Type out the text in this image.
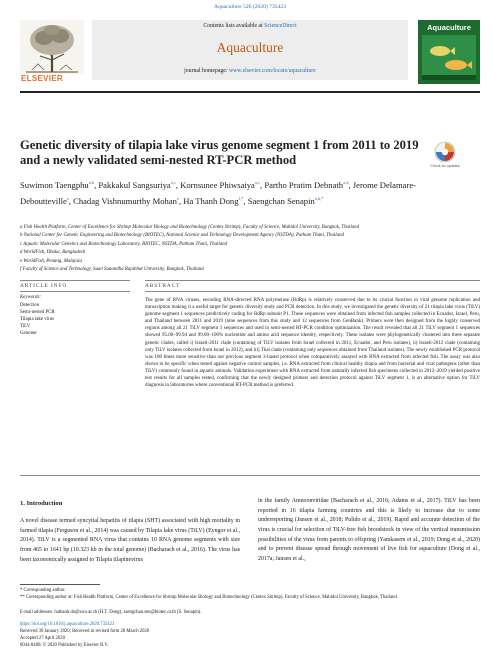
Aquaculture 526 (2020) 735423
ELSEVIER
Contents lists available at ScienceDirect
Aquaculture
journal homepage: www.elsevier.com/locate/aquaculture
Aquaculture
Genetic diversity of tilapia lake virus genome segment 1 from 2011 to 2019 and a newly validated semi-nested RT-PCR method	Check for updates
Suwimon Taengphu$^{a,b}$, Pakkakul Sangsuriya$^{a,c}$, Kornsunee Phiwsaiya$^{a,c}$, Partho Pratim Debnath$^{a,d}$, Jerome Delamare-Deboutteville$^e$, Chadag Vishnumurthy Mohan$^e$, Ha Thanh Dong$^{f,*}$, Saengchan Senapin$^{a,b,*}$
a Fish Health Platform, Center of Excellence for Shrimp Molecular Biology and Biotechnology (Centex Shrimp), Faculty of Science, Mahidol University, Bangkok, Thailand
b National Center for Genetic Engineering and Biotechnology (BIOTEC), National Science and Technology Development Agency (NSTDA), Pathum Thani, Thailand
c Aquatic Molecular Genetics and Biotechnology Laboratory, BIOTEC, NSTDA, Pathum Thani, Thailand
d WorldFish, Dhaka, Bangladesh
e WorldFish, Penang, Malaysia
f Faculty of Science and Technology, Suan Sunandha Rajabhat University, Bangkok, Thailand
ARTICLE INFO
Keywords:
Detection
Semi-nested PCR
Tilapia lake virus
TiLV
Genome
ABSTRACT
The gene of RNA viruses, encoding RNA-directed RNA polymerase (RdRp) is relatively conserved due to its crucial function in viral genome replication and transcription making it a useful target for genetic diversity study and PCR detection. In this study, we investigated the genetic diversity of 21 tilapia lake virus (TiLV) genome segment 1 sequences predictively coding for RdRp subunit P1. These sequences were obtained from infected fish samples collected in Ecuador, Israel, Peru, and Thailand between 2011 and 2019 (nine sequences from this study and 12 sequences from GenBank). Primers were then designed from the highly conserved regions among all 21 TiLV segment 1 sequences and used in semi-nested RT-PCR condition optimization. The result revealed that all 21 TiLV segment 1 sequences showed 95.00–99.94 and 99.00–100% nucleotide and amino acid sequence identity, respectively. These isolates were phylogenetically clustered into three separate genetic clades, called i) Israeli-2011 clade (containing of TiLV isolates from Israel collected in 2011, Ecuador, and Peru isolates), ii) Israeli-2012 clade (containing only TiLV isolates collected from Israel in 2012), and iii) Thai clade (containing only sequences obtained from Thailand isolates). The newly established PCR protocol was 100 times more sensitive than our previous segment 3-based protocol when comparatively assayed with RNA extracted from infected fish. The assay was also shown to be specific when tested against negative control samples, i.e. RNA extracted from clinical healthy tilapia and from bacterial and viral pathogens (other than TiLV) commonly found in aquatic animals. Validation experiment with RNA extracted from naturally infected fish specimens collected in 2013–2019 yielded positive test results for all samples tested, confirming that the newly designed primers and detection protocol against TiLV segment 1, is an alternative option for TiLV diagnosis in laboratories where conventional RT-PCR method is preferred.
1. Introduction
A novel disease termed syncytial hepatitis of tilapia (SHT) associated with high mortality in farmed tilapia (Ferguson et al., 2014) was caused by Tilapia lake virus (TiLV) (Eyngor et al., 2014). TiLV is a segmented RNA virus that contains 10 RNA genome segments with size from 465 to 1641 bp (10.323 kb in the total genome) (Bacharach et al., 2016). The virus has been taxonomically assigned to Tilapia tilapinevirus
in the family Amnoonviridae (Bacharach et al., 2016; Adams et al., 2017). TiLV has been reported in 16 tilapia farming countries and this is likely to increase due to some underreporting (Jansen et al., 2018; Pulido et al., 2019). Rapid and accurate detection of the virus is crucial for selection of TiLV-free fish broodstock in view of the vertical transmission possibilities of the virus from parents to offspring (Yamkasem et al., 2019; Dong et al., 2020) and to prevent disease spread through movement of live fish for aquaculture (Dong et al., 2017a; Jansen et al.,
* Corresponding author.
** Corresponding author at: Fish Health Platform, Center of Excellence for Shrimp Molecular Biology and Biotechnology (Centex Shrimp), Faculty of Science, Mahidol University, Bangkok, Thailand.
E-mail addresses: hathanh.do@ssru.ac.th (H.T. Dong), saengchan.sen@biotec.or.th (S. Senapin).
https://doi.org/10.1016/j.aquaculture.2020.735423
Received 30 January 2020; Received in revised form 28 March 2020
Accepted 27 April 2020
0044-8486/ © 2020 Published by Elsevier B.V.
